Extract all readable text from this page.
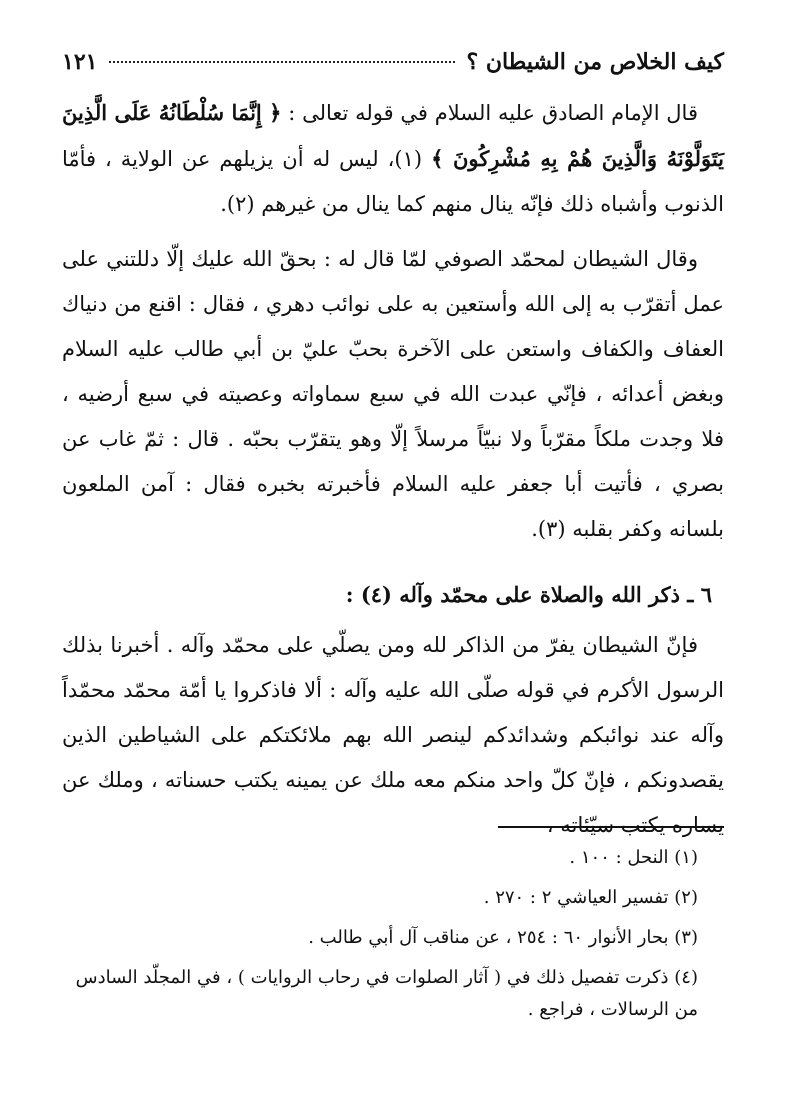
كيف الخلاص من الشيطان ؟
١٢١

قال الإمام الصادق عليه السلام في قوله تعالى : ﴿ إِنَّمَا سُلْطَانُهُ عَلَى الَّذِينَ يَتَوَلَّوْنَهُ وَالَّذِينَ هُمْ بِهِ مُشْرِكُونَ ﴾ (١)، ليس له أن يزيلهم عن الولاية ، فأمّا الذنوب وأشباه ذلك فإنّه ينال منهم كما ينال من غيرهم (٢).

وقال الشيطان لمحمّد الصوفي لمّا قال له : بحقّ الله عليك إلّا دللتني على عمل أتقرّب به إلى الله وأستعين به على نوائب دهري ، فقال : اقنع من دنياك العفاف والكفاف واستعن على الآخرة بحبّ عليّ بن أبي طالب عليه السلام وبغض أعدائه ، فإنّي عبدت الله في سبع سماواته وعصيته في سبع أرضيه ، فلا وجدت ملكاً مقرّباً ولا نبيّاً مرسلاً إلّا وهو يتقرّب بحبّه . قال : ثمّ غاب عن بصري ، فأتيت أبا جعفر عليه السلام فأخبرته بخبره فقال : آمن الملعون بلسانه وكفر بقلبه (٣).

٦ ـ ذكر الله والصلاة على محمّد وآله (٤) :

فإنّ الشيطان يفرّ من الذاكر لله ومن يصلّي على محمّد وآله . أخبرنا بذلك الرسول الأكرم في قوله صلّى الله عليه وآله : ألا فاذكروا يا أمّة محمّد محمّداً وآله عند نوائبكم وشدائدكم لينصر الله بهم ملائكتكم على الشياطين الذين يقصدونكم ، فإنّ كلّ واحد منكم معه ملك عن يمينه يكتب حسناته ، وملك عن يساره يكتب سيّئاته ،

(١) النحل : ١٠٠ .
(٢) تفسير العياشي ٢ : ٢٧٠ .
(٣) بحار الأنوار ٦٠ : ٢٥٤ ، عن مناقب آل أبي طالب .
(٤) ذكرت تفصيل ذلك في ( آثار الصلوات في رحاب الروايات ) ، في المجلّد السادس من الرسالات ، فراجع .
